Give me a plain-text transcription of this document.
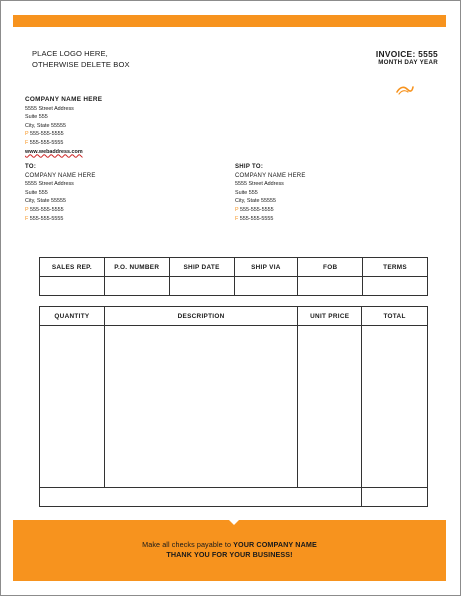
PLACE LOGO HERE,
OTHERWISE DELETE BOX
INVOICE: 5555
MONTH DAY YEAR
COMPANY NAME HERE
5555 Street Address
Suite 555
City, State 55555
P 555-555-5555
F 555-555-5555
www.webaddress.com
TO:
COMPANY NAME HERE
5555 Street Address
Suite 555
City, State 55555
P 555-555-5555
F 555-555-5555
SHIP TO:
COMPANY NAME HERE
5555 Street Address
Suite 555
City, State 55555
P 555-555-5555
F 555-555-5555
SALES REP.	P.O. NUMBER	SHIP DATE	SHIP VIA	FOB	TERMS

QUANTITY	DESCRIPTION	UNIT PRICE	TOTAL

Make all checks payable to YOUR COMPANY NAME
THANK YOU FOR YOUR BUSINESS!
